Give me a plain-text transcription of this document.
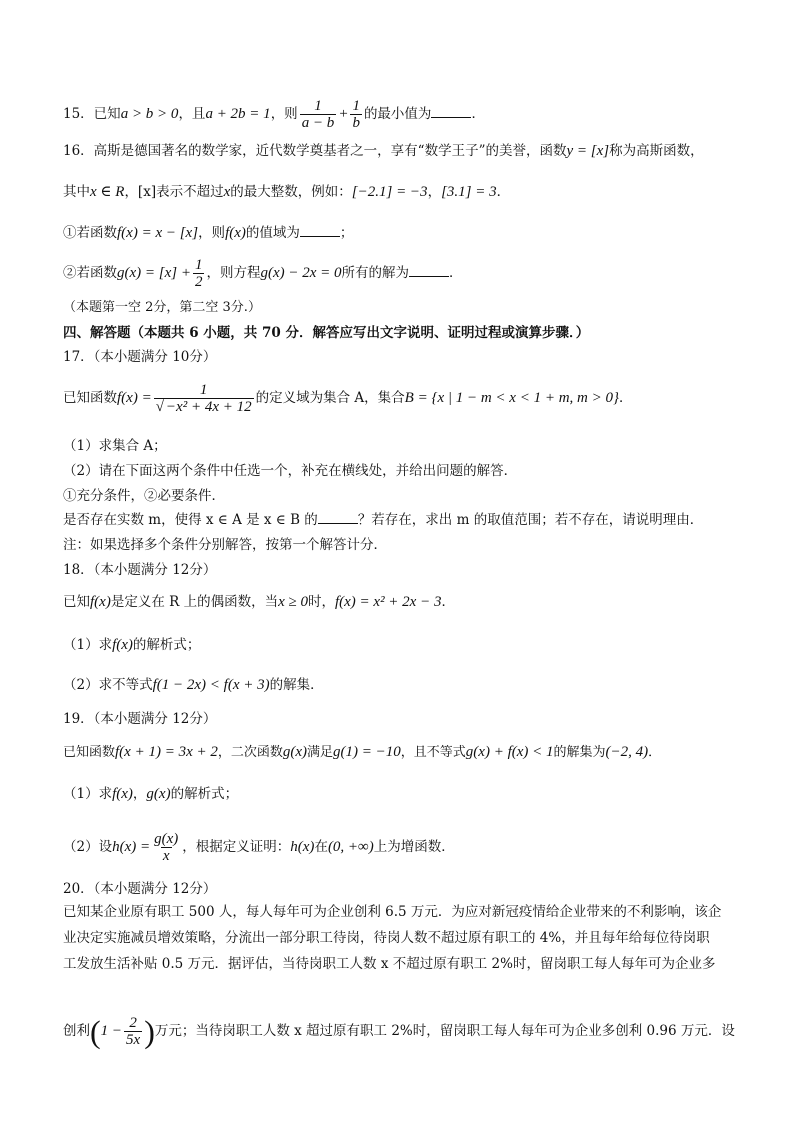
15．已知a > b > 0，且a + 2b = 1，则 $\frac{1}{a - b} + \frac{1}{b}$ 的最小值为	．
16．高斯是德国著名的数学家，近代数学奠基者之一，享有“数学王子”的美誉，函数y = [x]称为高斯函数，
其中x ∈ R，[x]表示不超过x的最大整数，例如：[−2.1] = −3，[3.1] = 3．
①若函数f(x) = x − [x]，则f(x)的值域为	；
②若函数$g(x) = [x] + \frac{1}{2}$ ，则方程g(x) − 2x = 0所有的解为	．
（本题第一空 2分，第二空 3分.）
四、解答题（本题共 6 小题，共 70 分．解答应写出文字说明、证明过程或演算步骤．）
17．（本小题满分 10分）
已知函数$f(x) = \frac{1}{\text{√ −x² + 4x + 12}}$ 的定义域为集合 A，集合B = {x | 1 − m < x < 1 + m, m > 0}．
（1）求集合 A；
（2）请在下面这两个条件中任选一个，补充在横线处，并给出问题的解答．
①充分条件，②必要条件．
是否存在实数 m，使得 x ∈ A 是 x ∈ B 的	？若存在，求出 m 的取值范围；若不存在，请说明理由．
注：如果选择多个条件分别解答，按第一个解答计分．
18．（本小题满分 12分）
已知f(x)是定义在 R 上的偶函数，当x ≥ 0时，f(x) = x² + 2x − 3．
（1）求f(x)的解析式；
（2）求不等式f(1 − 2x) < f(x + 3)的解集．
19．（本小题满分 12分）
已知函数f(x + 1) = 3x + 2，二次函数g(x)满足g(1) = −10，且不等式g(x) + f(x) < 1的解集为(−2, 4)．
（1）求f(x)，g(x)的解析式；
（2）设$h(x) = \frac{g(x)}{x}$ ，根据定义证明：h(x)在(0, +∞)上为增函数．
20．（本小题满分 12分）
已知某企业原有职工 500 人，每人每年可为企业创利 6.5 万元．为应对新冠疫情给企业带来的不利影响，该企
业决定实施减员增效策略，分流出一部分职工待岗，待岗人数不超过原有职工的 4%，并且每年给每位待岗职
工发放生活补贴 0.5 万元．据评估，当待岗职工人数 x 不超过原有职工 2%时，留岗职工每人每年可为企业多
创利($1 - \frac{2}{5x}$ )万元；当待岗职工人数 x 超过原有职工 2%时，留岗职工每人每年可为企业多创利 0.96 万元．设
